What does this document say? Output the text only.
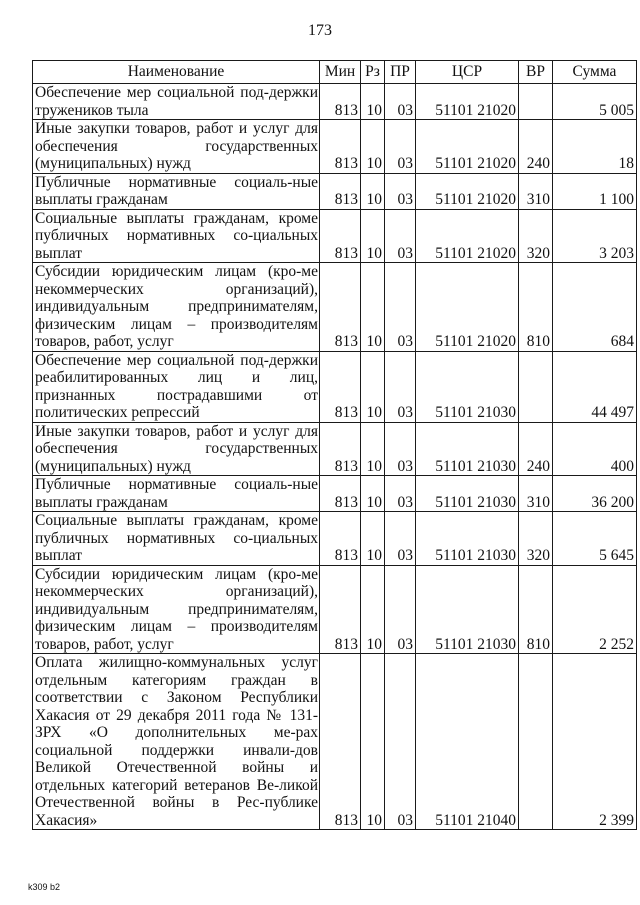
173
Наименование	Мин	Рз	ПР	ЦСР	ВР	Сумма
Обеспечение мер социальной под-держки тружеников тыла	813	10	03	51101 21020		5 005
Иные закупки товаров, работ и услуг для обеспечения государственных (муниципальных) нужд	813	10	03	51101 21020	240	18
Публичные нормативные социаль-ные выплаты гражданам	813	10	03	51101 21020	310	1 100
Социальные выплаты гражданам, кроме публичных нормативных со-циальных выплат	813	10	03	51101 21020	320	3 203
Субсидии юридическим лицам (кро-ме некоммерческих организаций), индивидуальным предпринимателям, физическим лицам – производителям товаров, работ, услуг	813	10	03	51101 21020	810	684
Обеспечение мер социальной под-держки реабилитированных лиц и лиц, признанных пострадавшими от политических репрессий	813	10	03	51101 21030		44 497
Иные закупки товаров, работ и услуг для обеспечения государственных (муниципальных) нужд	813	10	03	51101 21030	240	400
Публичные нормативные социаль-ные выплаты гражданам	813	10	03	51101 21030	310	36 200
Социальные выплаты гражданам, кроме публичных нормативных со-циальных выплат	813	10	03	51101 21030	320	5 645
Субсидии юридическим лицам (кро-ме некоммерческих организаций), индивидуальным предпринимателям, физическим лицам – производителям товаров, работ, услуг	813	10	03	51101 21030	810	2 252
Оплата жилищно-коммунальных услуг отдельным категориям граждан в соответствии с Законом Республики Хакасия от 29 декабря 2011 года № 131-ЗРХ «О дополнительных ме-рах социальной поддержки инвали-дов Великой Отечественной войны и отдельных категорий ветеранов Ве-ликой Отечественной войны в Рес-публике Хакасия»	813	10	03	51101 21040		2 399
k309 b2
